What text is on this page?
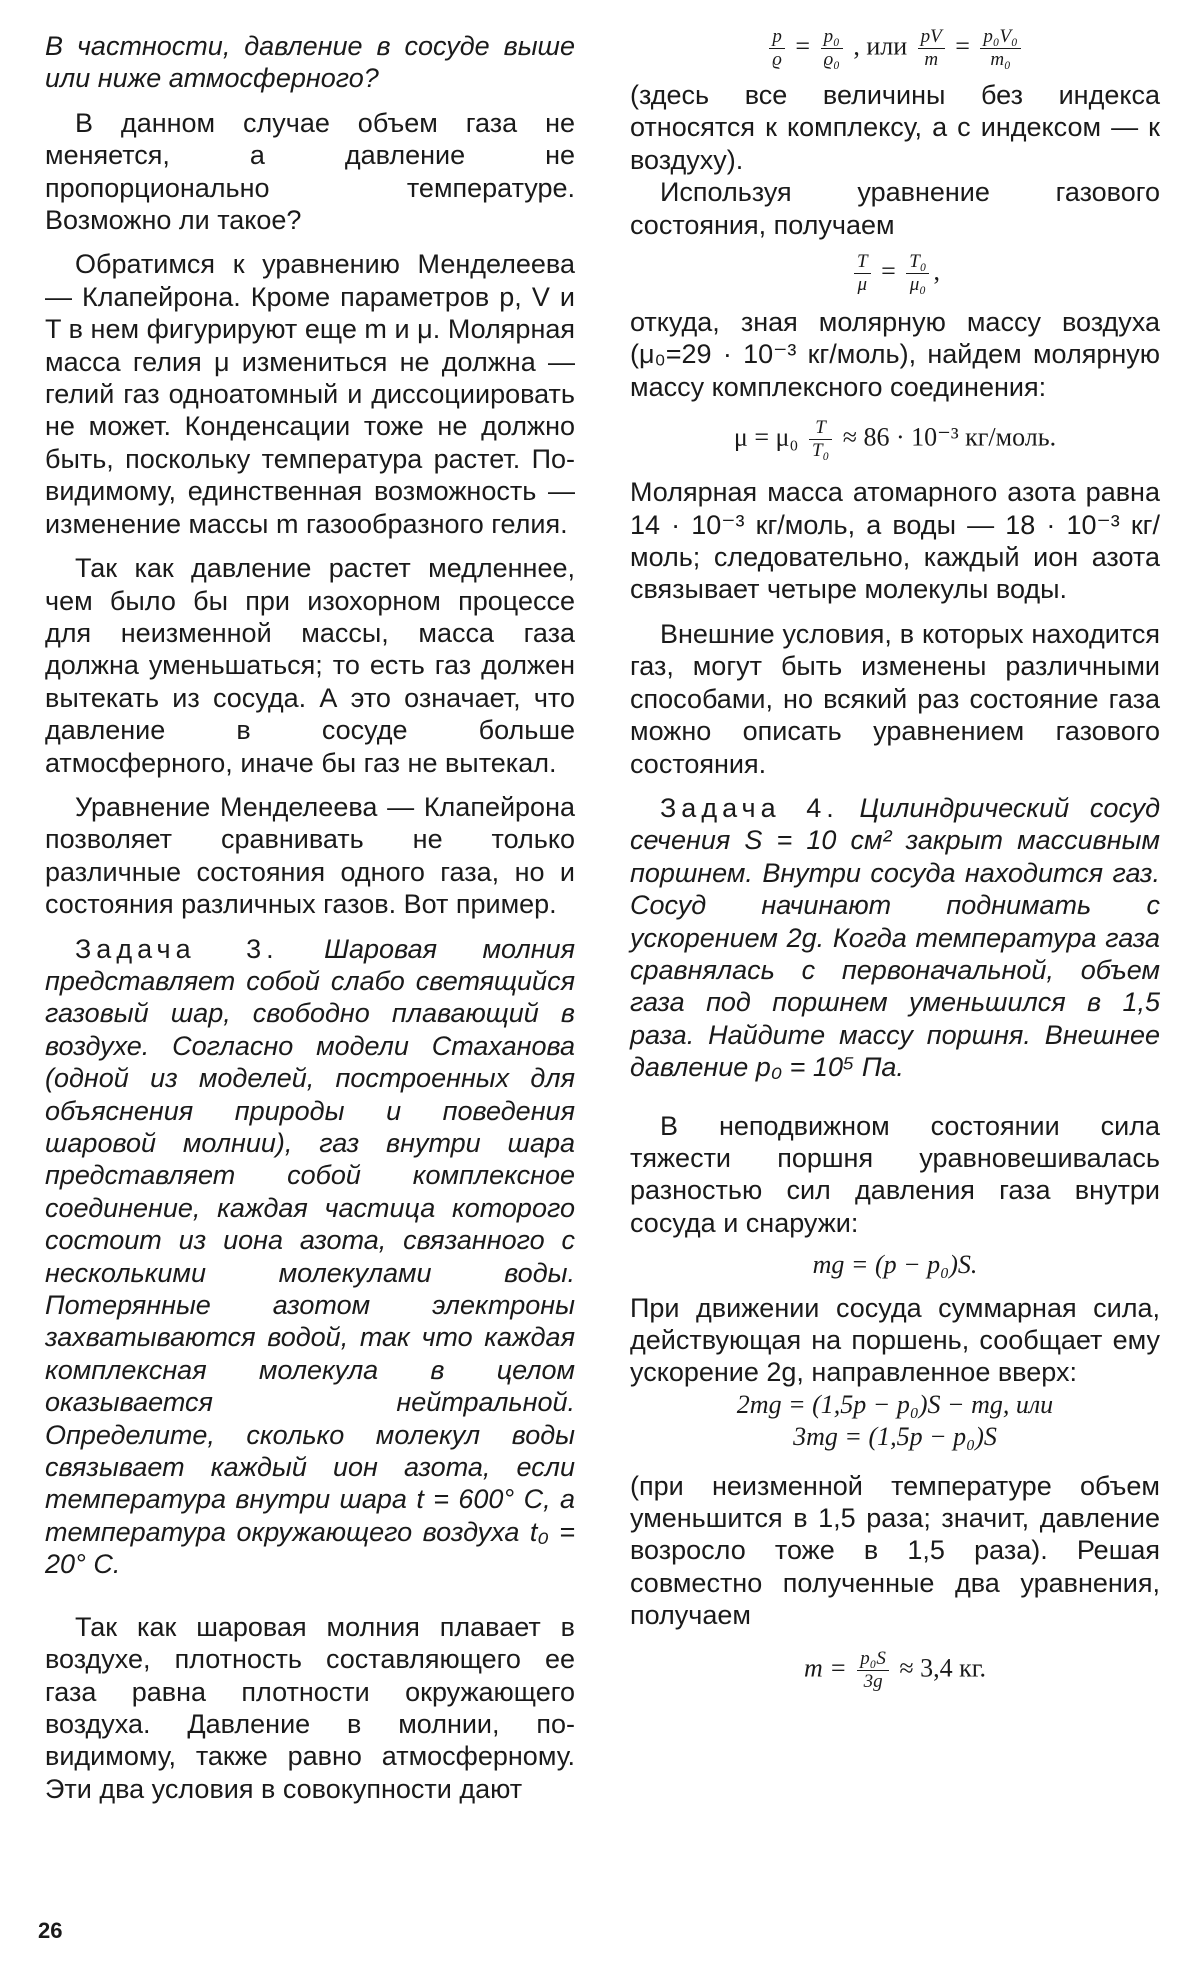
В частности, давление в сосуде выше или ниже атмосферного?

В данном случае объем газа не меняется, а давление не пропорционально температуре. Возможно ли такое?

Обратимся к уравнению Менделеева — Клапейрона. Кроме параметров p, V и T в нем фигурируют еще m и μ. Молярная масса гелия μ измениться не должна — гелий газ одноатомный и диссоциировать не может. Конденсации тоже не должно быть, поскольку температура растет. По-видимому, единственная возможность — изменение массы m газообразного гелия.

Так как давление растет медленнее, чем было бы при изохорном процессе для неизменной массы, масса газа должна уменьшаться; то есть газ должен вытекать из сосуда. А это означает, что давление в сосуде больше атмосферного, иначе бы газ не вытекал.

Уравнение Менделеева — Клапейрона позволяет сравнивать не только различные состояния одного газа, но и состояния различных газов. Вот пример.

Задача 3. Шаровая молния представляет собой слабо светящийся газовый шар, свободно плавающий в воздухе. Согласно модели Стаханова (одной из моделей, построенных для объяснения природы и поведения шаровой молнии), газ внутри шара представляет собой комплексное соединение, каждая частица которого состоит из иона азота, связанного с несколькими молекулами воды. Потерянные азотом электроны захватываются водой, так что каждая комплексная молекула в целом оказывается нейтральной. Определите, сколько молекул воды связывает каждый ион азота, если температура внутри шара t = 600° C, а температура окружающего воздуха t₀ = 20° C.

Так как шаровая молния плавает в воздухе, плотность составляющего ее газа равна плотности окружающего воздуха. Давление в молнии, по-видимому, также равно атмосферному. Эти два условия в совокупности дают

$\frac{p}{ϱ} = \frac{\text{p₀}}{\text{ϱ₀}}$ , или $\frac{pV}{m} = \frac{\text{p₀V₀}}{\text{m₀}}$

(здесь все величины без индекса относятся к комплексу, а с индексом — к воздуху).

Используя уравнение газового состояния, получаем

$\frac{T}{\mu} = \frac{\text{T₀}}{\text{μ₀}}$ ,

откуда, зная молярную массу воздуха (μ₀=29 · 10⁻³ кг/моль), найдем молярную массу комплексного соединения:

$\mu = \mu_0 \frac{T}{\text{T₀}} \approx 86 \cdot 10^{-3}$ кг/моль.

Молярная масса атомарного азота равна 14 · 10⁻³ кг/моль, а воды — 18 · 10⁻³ кг/моль; следовательно, каждый ион азота связывает четыре молекулы воды.

Внешние условия, в которых находится газ, могут быть изменены различными способами, но всякий раз состояние газа можно описать уравнением газового состояния.

Задача 4. Цилиндрический сосуд сечения S = 10 см² закрыт массивным поршнем. Внутри сосуда находится газ. Сосуд начинают поднимать с ускорением 2g. Когда температура газа сравнялась с первоначальной, объем газа под поршнем уменьшился в 1,5 раза. Найдите массу поршня. Внешнее давление p₀ = 10⁵ Па.

В неподвижном состоянии сила тяжести поршня уравновешивалась разностью сил давления газа внутри сосуда и снаружи:

mg = (p − p₀)S.

При движении сосуда суммарная сила, действующая на поршень, сообщает ему ускорение 2g, направленное вверх:

2mg = (1,5p − p₀)S − mg, или
3mg = (1,5p − p₀)S

(при неизменной температуре объем уменьшится в 1,5 раза; значит, давление возросло тоже в 1,5 раза). Решая совместно полученные два уравнения, получаем

$m = \frac{\text{p₀S}}{3g} \approx 3,4$ кг.
26
